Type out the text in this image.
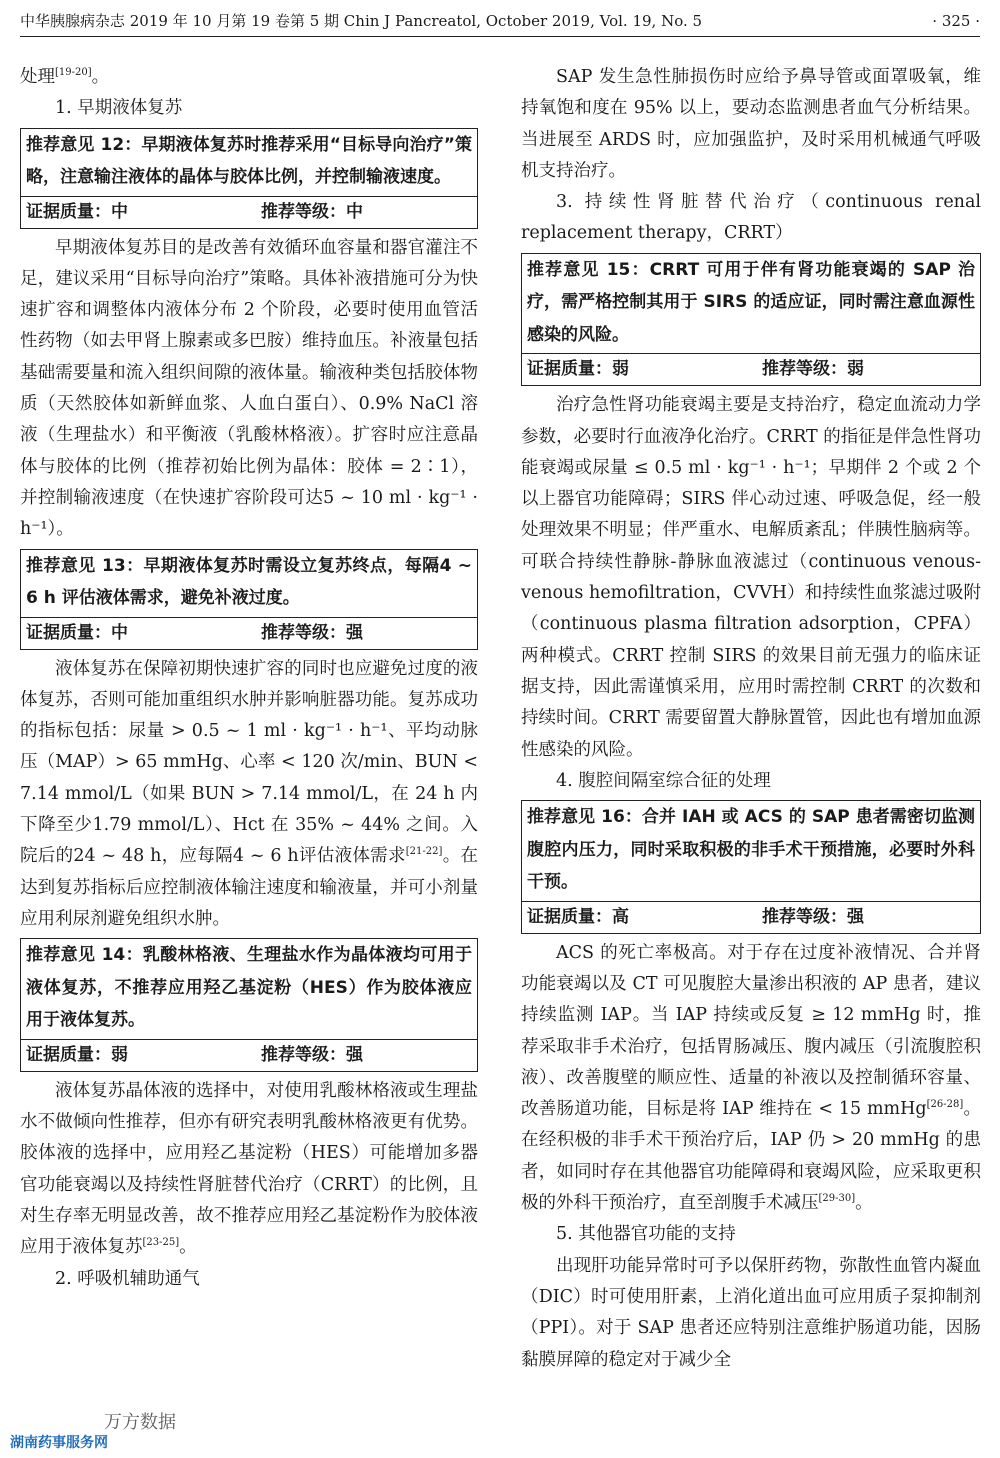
中华胰腺病杂志 2019 年 10 月第 19 卷第 5 期 Chin J Pancreatol, October 2019, Vol. 19, No. 5	· 325 ·

处理[19-20]。

1. 早期液体复苏

推荐意见 12：早期液体复苏时推荐采用“目标导向治疗”策略，注意输注液体的晶体与胶体比例，并控制输液速度。

证据质量：中	推荐等级：中

早期液体复苏目的是改善有效循环血容量和器官灌注不足，建议采用“目标导向治疗”策略。具体补液措施可分为快速扩容和调整体内液体分布 2 个阶段，必要时使用血管活性药物（如去甲肾上腺素或多巴胺）维持血压。补液量包括基础需要量和流入组织间隙的液体量。输液种类包括胶体物质（天然胶体如新鲜血浆、人血白蛋白）、0.9% NaCl 溶液（生理盐水）和平衡液（乳酸林格液）。扩容时应注意晶体与胶体的比例（推荐初始比例为晶体：胶体 = 2∶1），并控制输液速度（在快速扩容阶段可达5 ~ 10 ml · kg⁻¹ · h⁻¹）。

推荐意见 13：早期液体复苏时需设立复苏终点，每隔4 ~ 6 h 评估液体需求，避免补液过度。

证据质量：中	推荐等级：强

液体复苏在保障初期快速扩容的同时也应避免过度的液体复苏，否则可能加重组织水肿并影响脏器功能。复苏成功的指标包括：尿量 > 0.5 ~ 1 ml · kg⁻¹ · h⁻¹、平均动脉压（MAP）> 65 mmHg、心率 < 120 次/min、BUN < 7.14 mmol/L（如果 BUN > 7.14 mmol/L，在 24 h 内下降至少1.79 mmol/L）、Hct 在 35% ~ 44% 之间。入院后的24 ~ 48 h，应每隔4 ~ 6 h评估液体需求[21-22]。在达到复苏指标后应控制液体输注速度和输液量，并可小剂量应用利尿剂避免组织水肿。

推荐意见 14：乳酸林格液、生理盐水作为晶体液均可用于液体复苏，不推荐应用羟乙基淀粉（HES）作为胶体液应用于液体复苏。

证据质量：弱	推荐等级：强

液体复苏晶体液的选择中，对使用乳酸林格液或生理盐水不做倾向性推荐，但亦有研究表明乳酸林格液更有优势。胶体液的选择中，应用羟乙基淀粉（HES）可能增加多器官功能衰竭以及持续性肾脏替代治疗（CRRT）的比例，且对生存率无明显改善，故不推荐应用羟乙基淀粉作为胶体液应用于液体复苏[23-25]。

2. 呼吸机辅助通气

SAP 发生急性肺损伤时应给予鼻导管或面罩吸氧，维持氧饱和度在 95% 以上，要动态监测患者血气分析结果。当进展至 ARDS 时，应加强监护，及时采用机械通气呼吸机支持治疗。

3. 持续性肾脏替代治疗（continuous renal replacement therapy，CRRT）

推荐意见 15：CRRT 可用于伴有肾功能衰竭的 SAP 治疗，需严格控制其用于 SIRS 的适应证，同时需注意血源性感染的风险。

证据质量：弱	推荐等级：弱

治疗急性肾功能衰竭主要是支持治疗，稳定血流动力学参数，必要时行血液净化治疗。CRRT 的指征是伴急性肾功能衰竭或尿量 ≤ 0.5 ml · kg⁻¹ · h⁻¹；早期伴 2 个或 2 个以上器官功能障碍；SIRS 伴心动过速、呼吸急促，经一般处理效果不明显；伴严重水、电解质紊乱；伴胰性脑病等。可联合持续性静脉-静脉血液滤过（continuous venous-venous hemofiltration，CVVH）和持续性血浆滤过吸附（continuous plasma filtration adsorption，CPFA）两种模式。CRRT 控制 SIRS 的效果目前无强力的临床证据支持，因此需谨慎采用，应用时需控制 CRRT 的次数和持续时间。CRRT 需要留置大静脉置管，因此也有增加血源性感染的风险。

4. 腹腔间隔室综合征的处理

推荐意见 16：合并 IAH 或 ACS 的 SAP 患者需密切监测腹腔内压力，同时采取积极的非手术干预措施，必要时外科干预。

证据质量：高	推荐等级：强

ACS 的死亡率极高。对于存在过度补液情况、合并肾功能衰竭以及 CT 可见腹腔大量渗出积液的 AP 患者，建议持续监测 IAP。当 IAP 持续或反复 ≥ 12 mmHg 时，推荐采取非手术治疗，包括胃肠减压、腹内减压（引流腹腔积液）、改善腹壁的顺应性、适量的补液以及控制循环容量、改善肠道功能，目标是将 IAP 维持在 < 15 mmHg[26-28]。在经积极的非手术干预治疗后，IAP 仍 > 20 mmHg 的患者，如同时存在其他器官功能障碍和衰竭风险，应采取更积极的外科干预治疗，直至剖腹手术减压[29-30]。

5. 其他器官功能的支持

出现肝功能异常时可予以保肝药物，弥散性血管内凝血（DIC）时可使用肝素，上消化道出血可应用质子泵抑制剂（PPI）。对于 SAP 患者还应特别注意维护肠道功能，因肠黏膜屏障的稳定对于减少全

万方数据
湖南药事服务网
